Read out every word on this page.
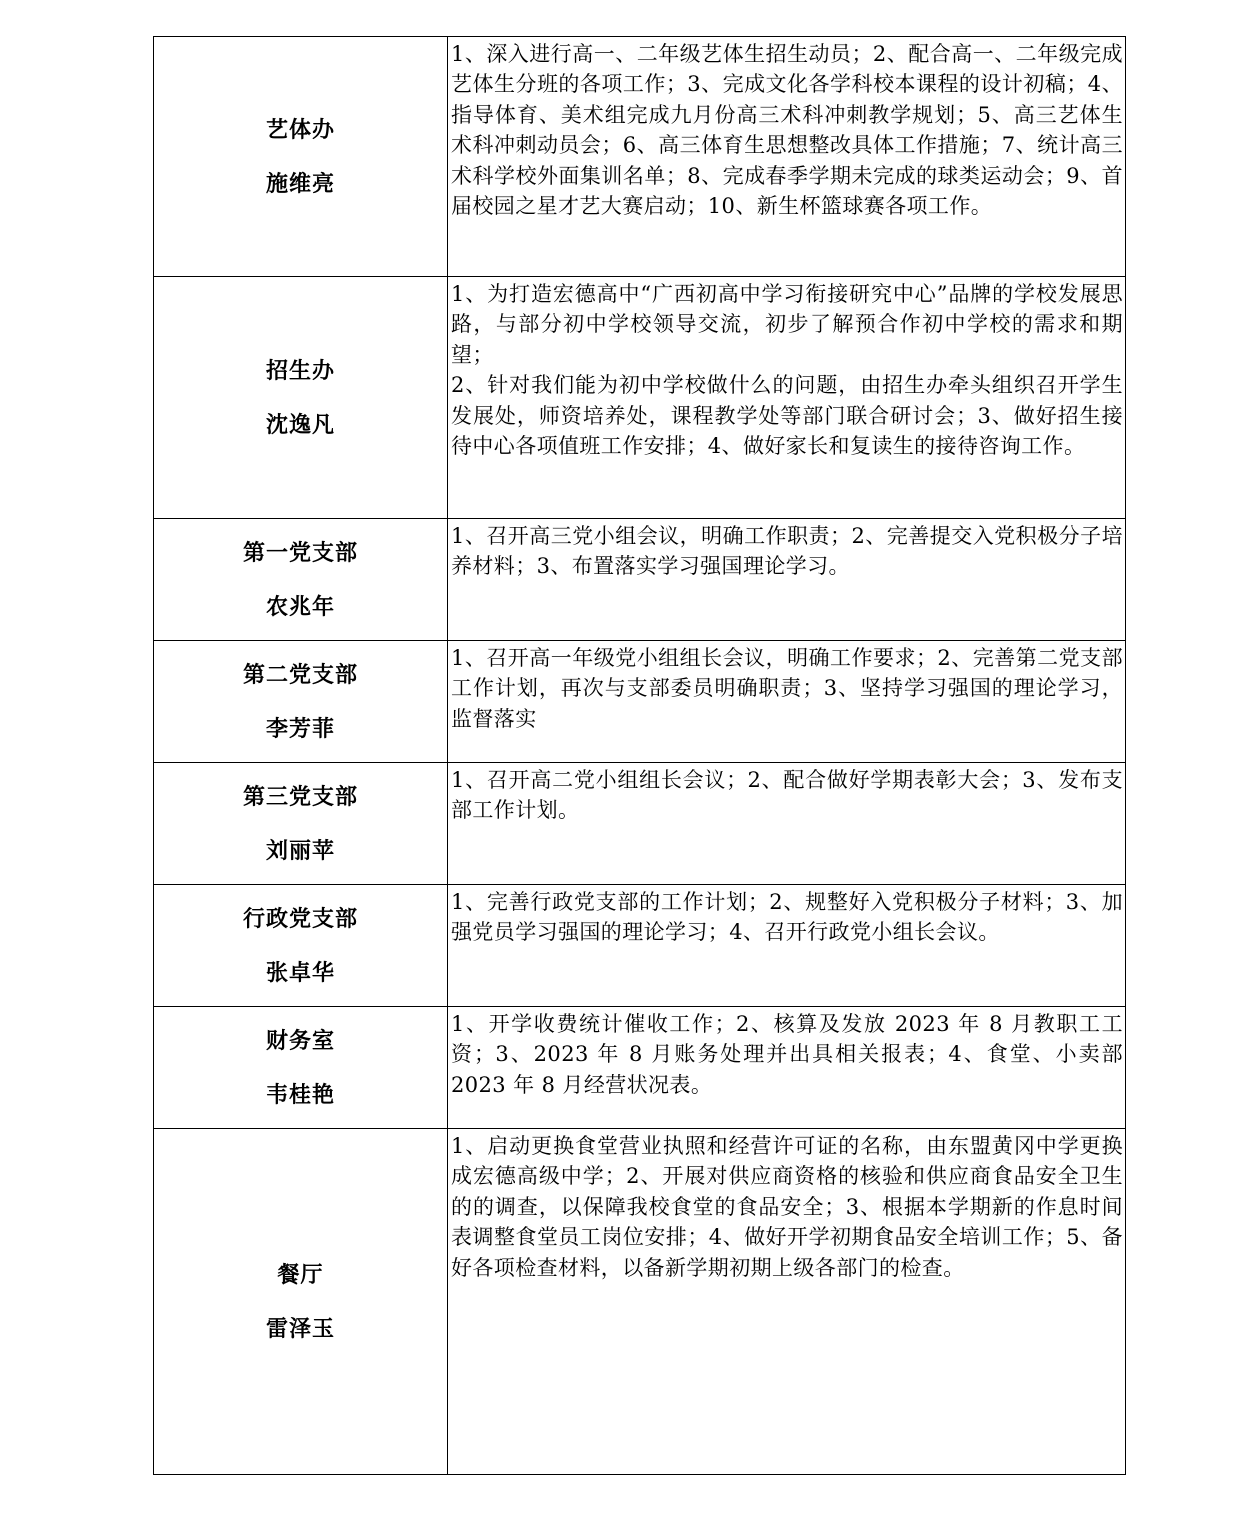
艺体办
施维亮	1、深入进行高一、二年级艺体生招生动员；2、配合高一、二年级完成艺体生分班的各项工作；3、完成文化各学科校本课程的设计初稿；4、指导体育、美术组完成九月份高三术科冲刺教学规划；5、高三艺体生术科冲刺动员会；6、高三体育生思想整改具体工作措施；7、统计高三术科学校外面集训名单；8、完成春季学期未完成的球类运动会；9、首届校园之星才艺大赛启动；10、新生杯篮球赛各项工作。

招生办
沈逸凡	1、为打造宏德高中“广西初高中学习衔接研究中心”品牌的学校发展思路，与部分初中学校领导交流，初步了解预合作初中学校的需求和期望；
2、针对我们能为初中学校做什么的问题，由招生办牵头组织召开学生发展处，师资培养处，课程教学处等部门联合研讨会；3、做好招生接待中心各项值班工作安排；4、做好家长和复读生的接待咨询工作。

第一党支部
农兆年	1、召开高三党小组会议，明确工作职责；2、完善提交入党积极分子培养材料；3、布置落实学习强国理论学习。

第二党支部
李芳菲	1、召开高一年级党小组组长会议，明确工作要求；2、完善第二党支部工作计划，再次与支部委员明确职责；3、坚持学习强国的理论学习，监督落实

第三党支部
刘丽苹	1、召开高二党小组组长会议；2、配合做好学期表彰大会；3、发布支部工作计划。

行政党支部
张卓华	1、完善行政党支部的工作计划；2、规整好入党积极分子材料；3、加强党员学习强国的理论学习；4、召开行政党小组长会议。

财务室
韦桂艳	1、开学收费统计催收工作；2、核算及发放 2023 年 8 月教职工工资；3、2023 年 8 月账务处理并出具相关报表；4、食堂、小卖部 2023 年 8 月经营状况表。

餐厅
雷泽玉	1、启动更换食堂营业执照和经营许可证的名称，由东盟黄冈中学更换成宏德高级中学；2、开展对供应商资格的核验和供应商食品安全卫生的的调查，以保障我校食堂的食品安全；3、根据本学期新的作息时间表调整食堂员工岗位安排；4、做好开学初期食品安全培训工作；5、备好各项检查材料，以备新学期初期上级各部门的检查。
